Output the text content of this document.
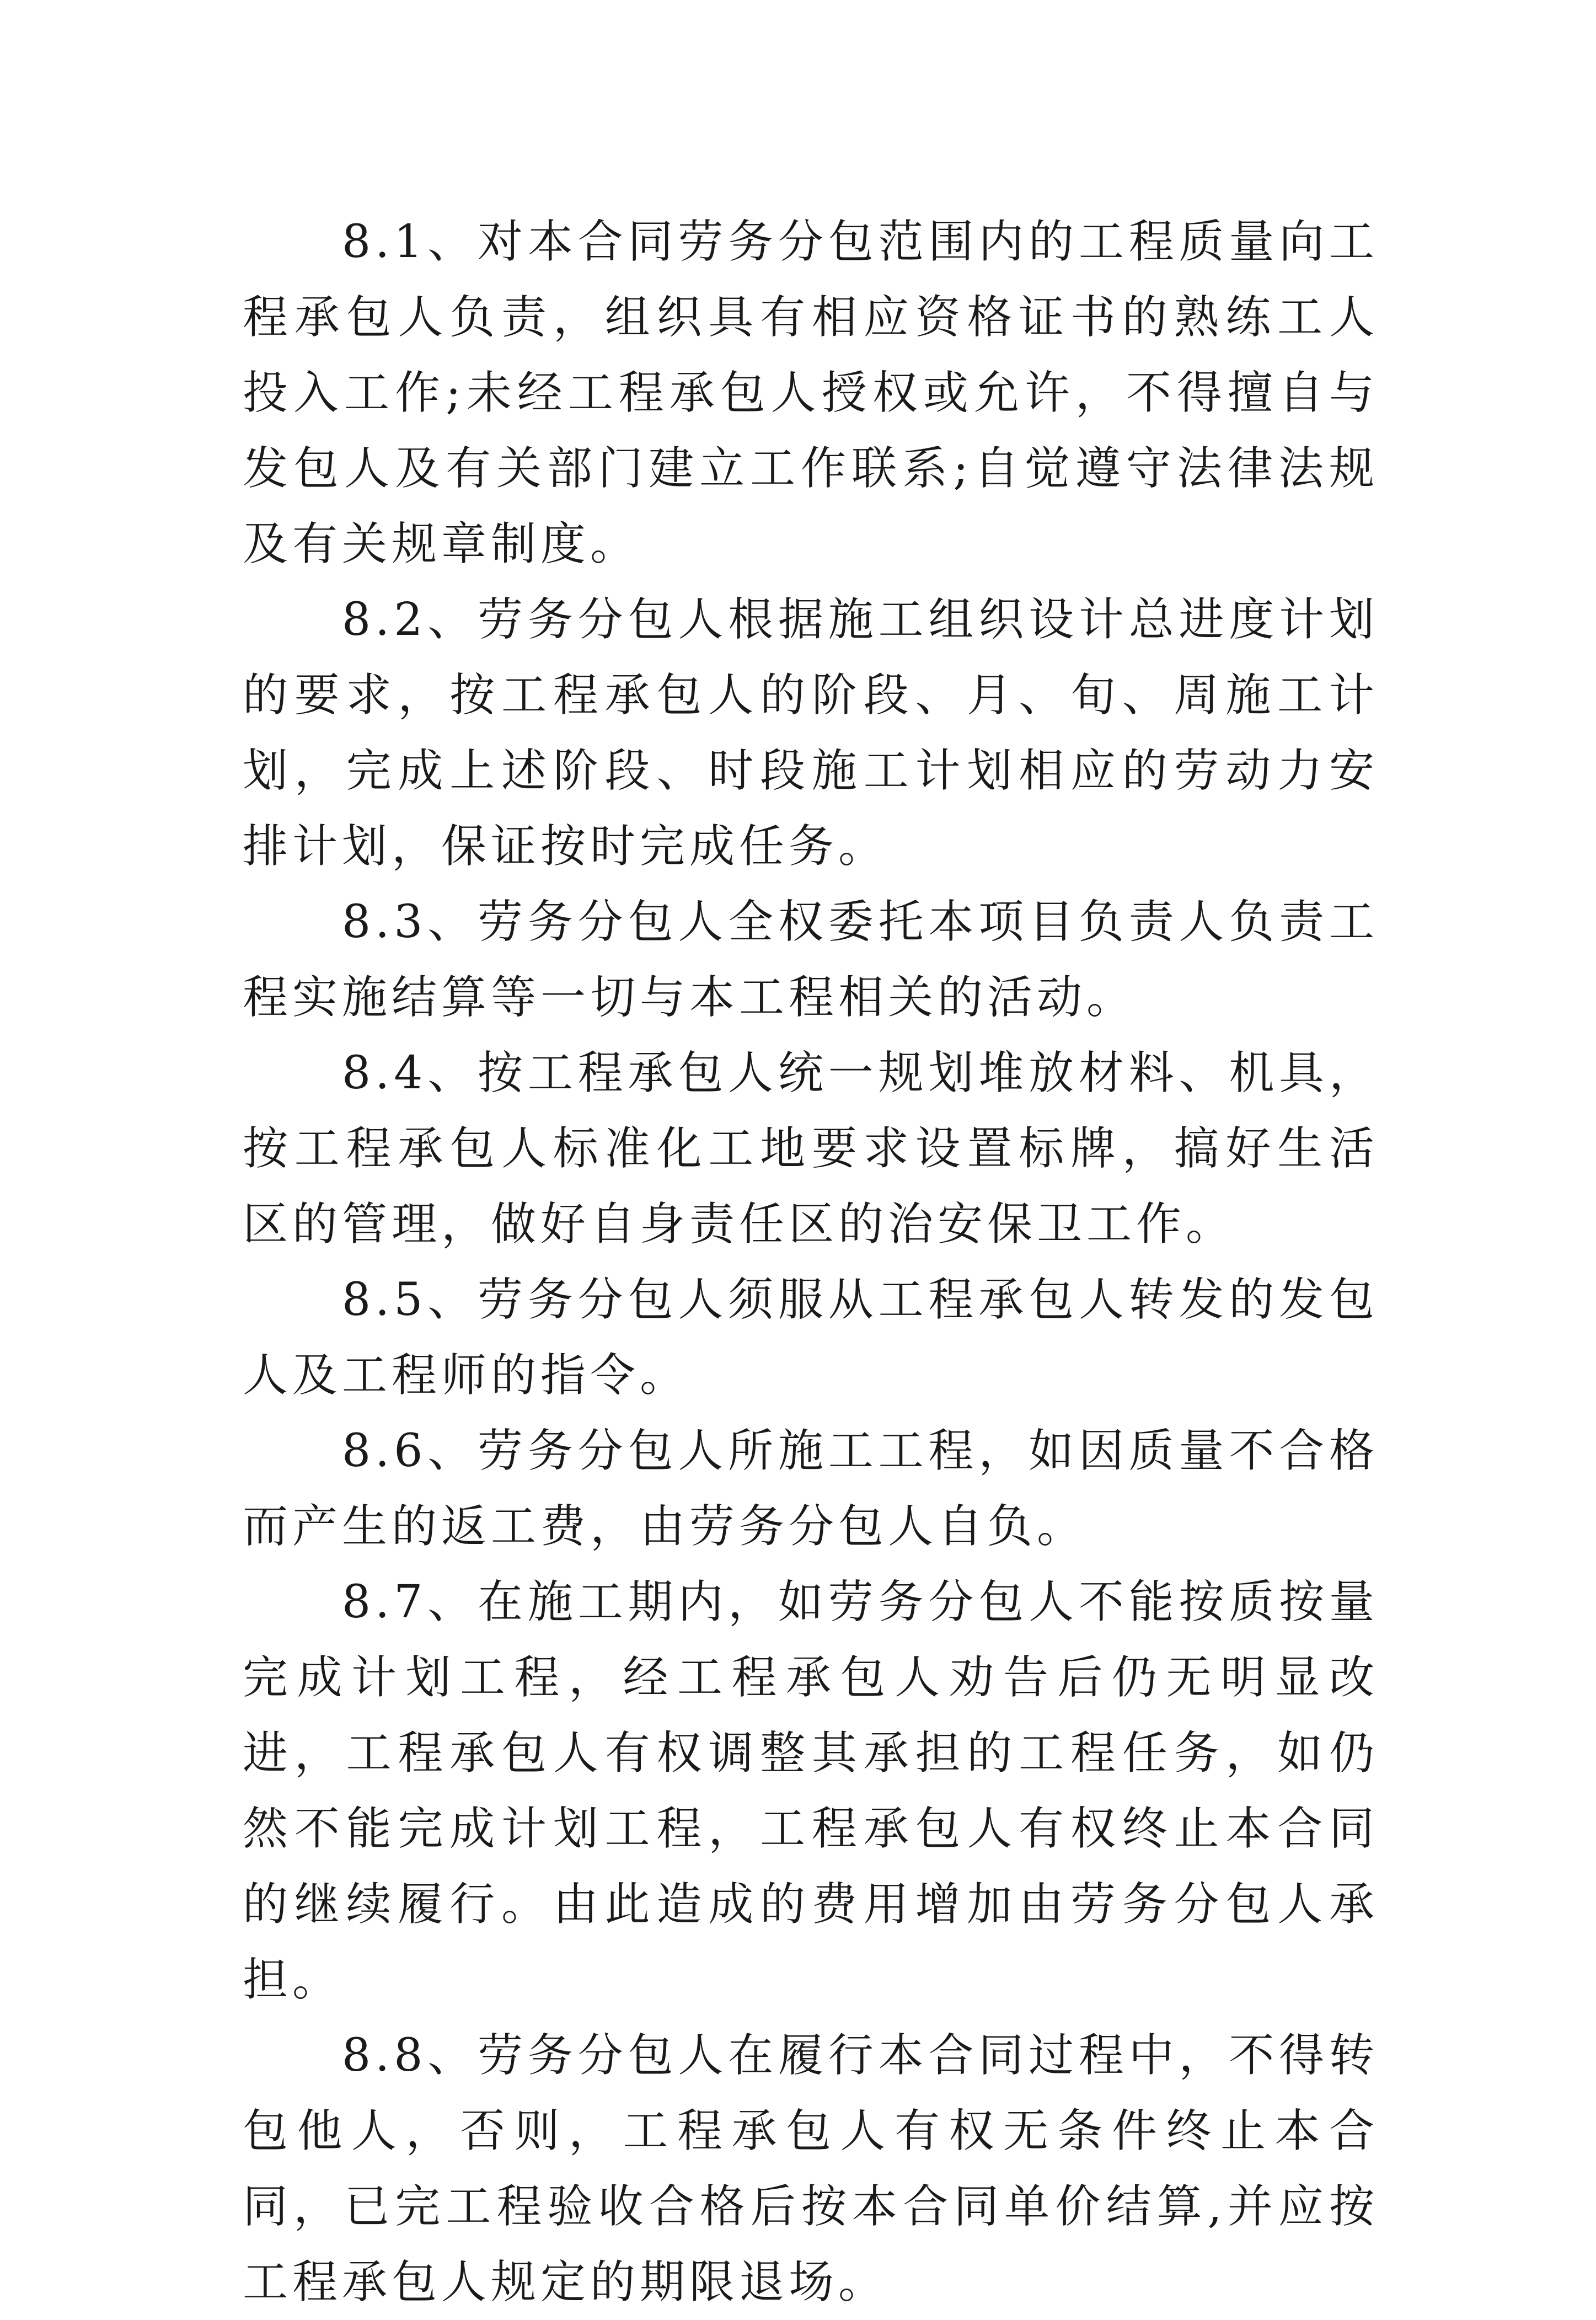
8.1、对本合同劳务分包范围内的工程质量向工程承包人负责，组织具有相应资格证书的熟练工人投入工作;未经工程承包人授权或允许，不得擅自与发包人及有关部门建立工作联系;自觉遵守法律法规及有关规章制度。

8.2、劳务分包人根据施工组织设计总进度计划的要求，按工程承包人的阶段、月、旬、周施工计划，完成上述阶段、时段施工计划相应的劳动力安排计划，保证按时完成任务。

8.3、劳务分包人全权委托本项目负责人负责工程实施结算等一切与本工程相关的活动。

8.4、按工程承包人统一规划堆放材料、机具，按工程承包人标准化工地要求设置标牌，搞好生活区的管理，做好自身责任区的治安保卫工作。

8.5、劳务分包人须服从工程承包人转发的发包人及工程师的指令。

8.6、劳务分包人所施工工程，如因质量不合格而产生的返工费，由劳务分包人自负。

8.7、在施工期内，如劳务分包人不能按质按量完成计划工程，经工程承包人劝告后仍无明显改进，工程承包人有权调整其承担的工程任务，如仍然不能完成计划工程，工程承包人有权终止本合同的继续履行。由此造成的费用增加由劳务分包人承担。

8.8、劳务分包人在履行本合同过程中，不得转包他人，否则，工程承包人有权无条件终止本合同，已完工程验收合格后按本合同单价结算,并应按工程承包人规定的期限退场。
